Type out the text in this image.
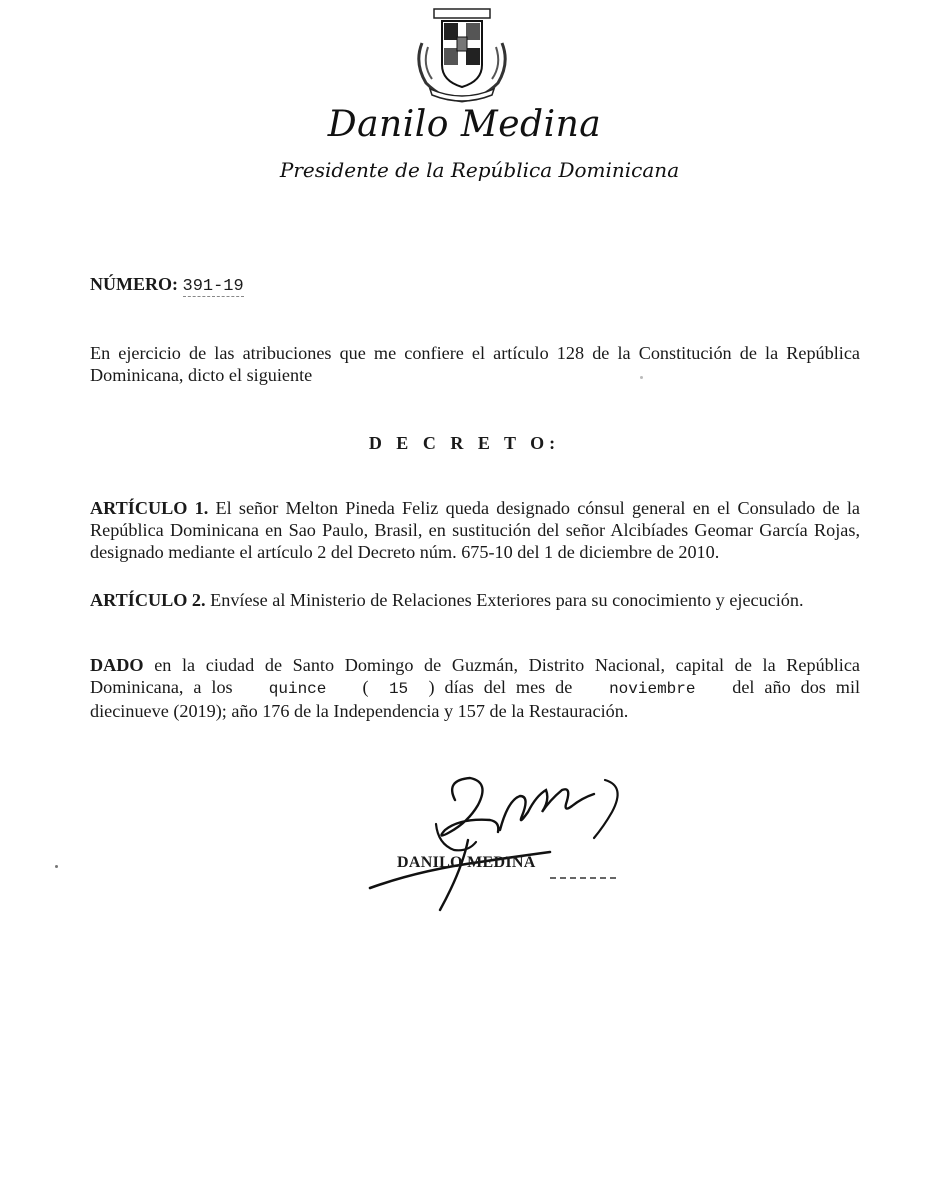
Danilo Medina
Presidente de la República Dominicana
NÚMERO: 391-19
En ejercicio de las atribuciones que me confiere el artículo 128 de la Constitución de la República Dominicana, dicto el siguiente
D E C R E T O:
ARTÍCULO 1. El señor Melton Pineda Feliz queda designado cónsul general en el Consulado de la República Dominicana en Sao Paulo, Brasil, en sustitución del señor Alcibíades Geomar García Rojas, designado mediante el artículo 2 del Decreto núm. 675-10 del 1 de diciembre de 2010.
ARTÍCULO 2. Envíese al Ministerio de Relaciones Exteriores para su conocimiento y ejecución.
DADO en la ciudad de Santo Domingo de Guzmán, Distrito Nacional, capital de la República Dominicana, a los quince ( 15 ) días del mes de noviembre del año dos mil diecinueve (2019); año 176 de la Independencia y 157 de la Restauración.
DANILO MEDINA
